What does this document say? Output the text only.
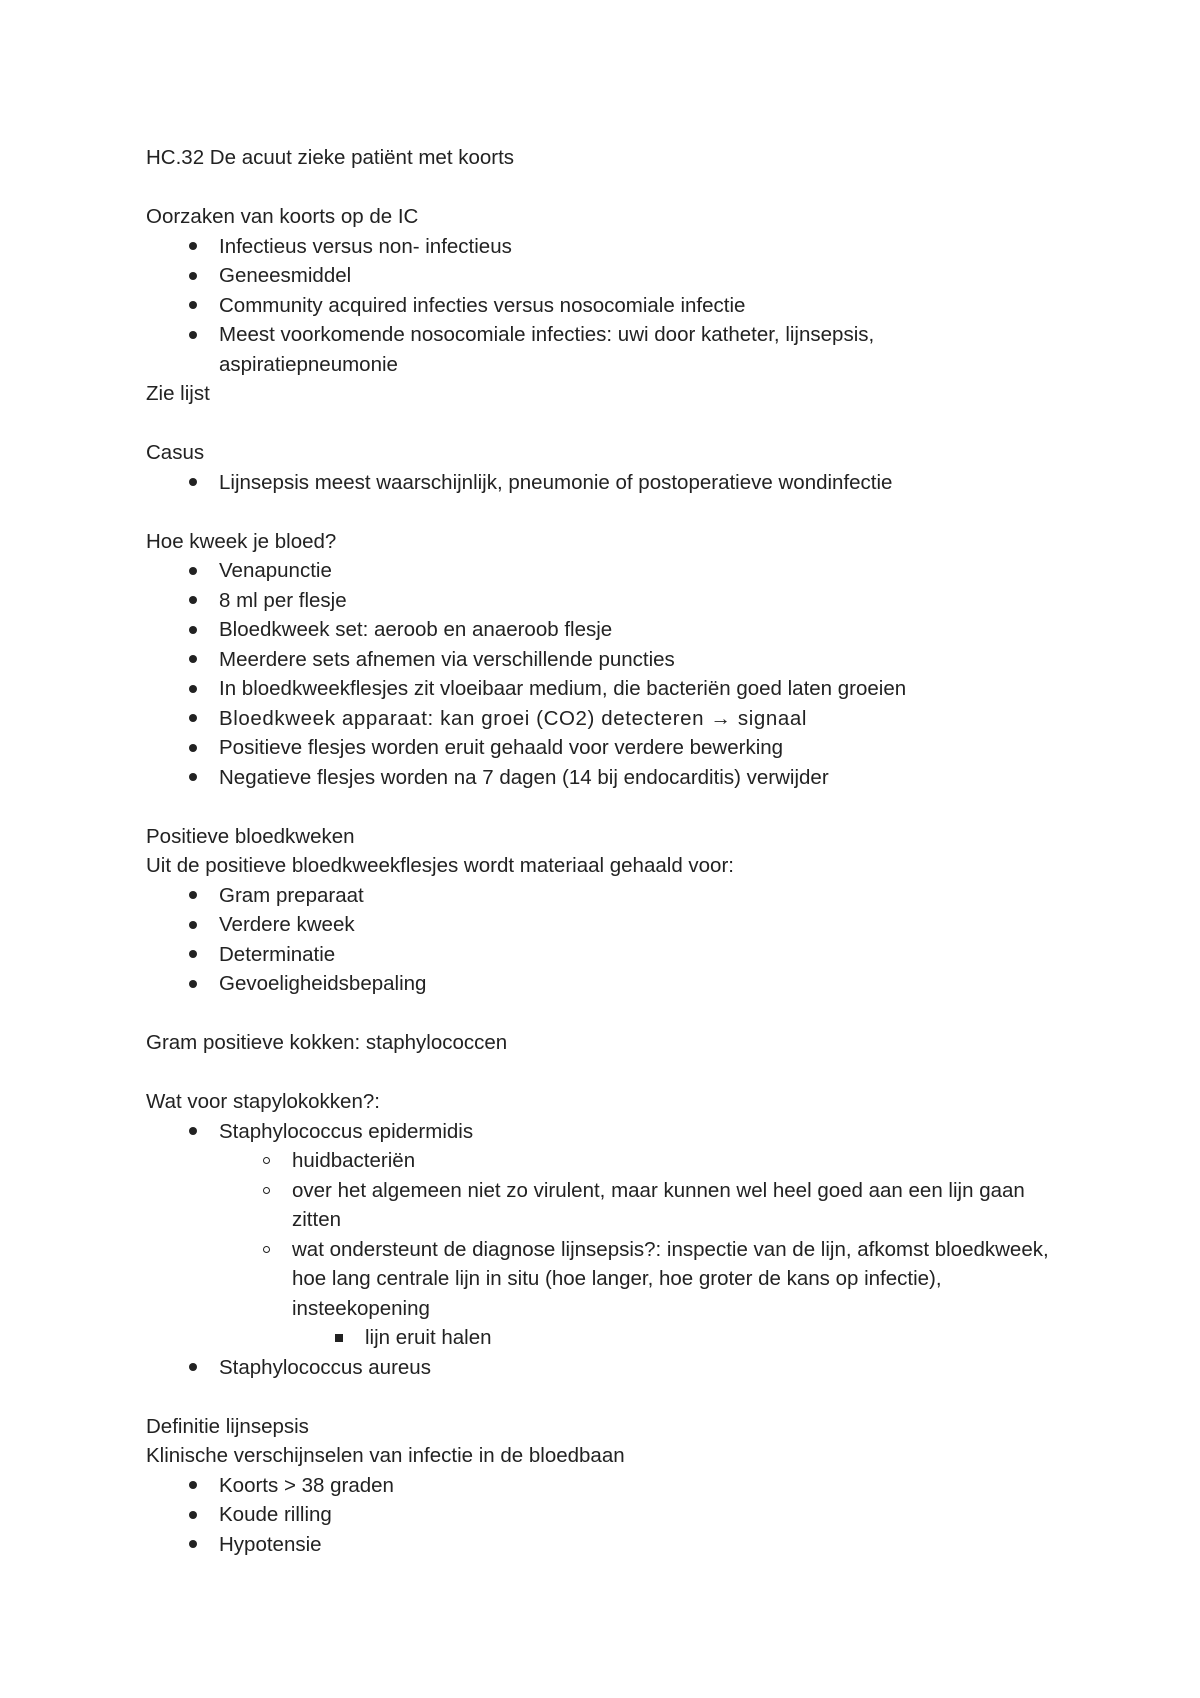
HC.32 De acuut zieke patiënt met koorts

Oorzaken van koorts op de IC

Infectieus versus non- infectieus
Geneesmiddel
Community acquired infecties versus nosocomiale infectie
Meest voorkomende nosocomiale infecties: uwi door katheter, lijnsepsis, aspiratiepneumonie

Zie lijst

Casus

Lijnsepsis meest waarschijnlijk, pneumonie of postoperatieve wondinfectie

Hoe kweek je bloed?

Venapunctie
8 ml per flesje
Bloedkweek set: aeroob en anaeroob flesje
Meerdere sets afnemen via verschillende puncties
In bloedkweekflesjes zit vloeibaar medium, die bacteriën goed laten groeien
Bloedkweek apparaat: kan groei (CO2) detecteren → signaal
Positieve flesjes worden eruit gehaald voor verdere bewerking
Negatieve flesjes worden na 7 dagen (14 bij endocarditis) verwijder

Positieve bloedkweken

Uit de positieve bloedkweekflesjes wordt materiaal gehaald voor:

Gram preparaat
Verdere kweek
Determinatie
Gevoeligheidsbepaling

Gram positieve kokken: staphylococcen

Wat voor stapylokokken?:

Staphylococcus epidermidis
huidbacteriën
over het algemeen niet zo virulent, maar kunnen wel heel goed aan een lijn gaan zitten
wat ondersteunt de diagnose lijnsepsis?: inspectie van de lijn, afkomst bloedkweek, hoe lang centrale lijn in situ (hoe langer, hoe groter de kans op infectie), insteekopening
lijn eruit halen
Staphylococcus aureus

Definitie lijnsepsis

Klinische verschijnselen van infectie in de bloedbaan

Koorts > 38 graden
Koude rilling
Hypotensie
